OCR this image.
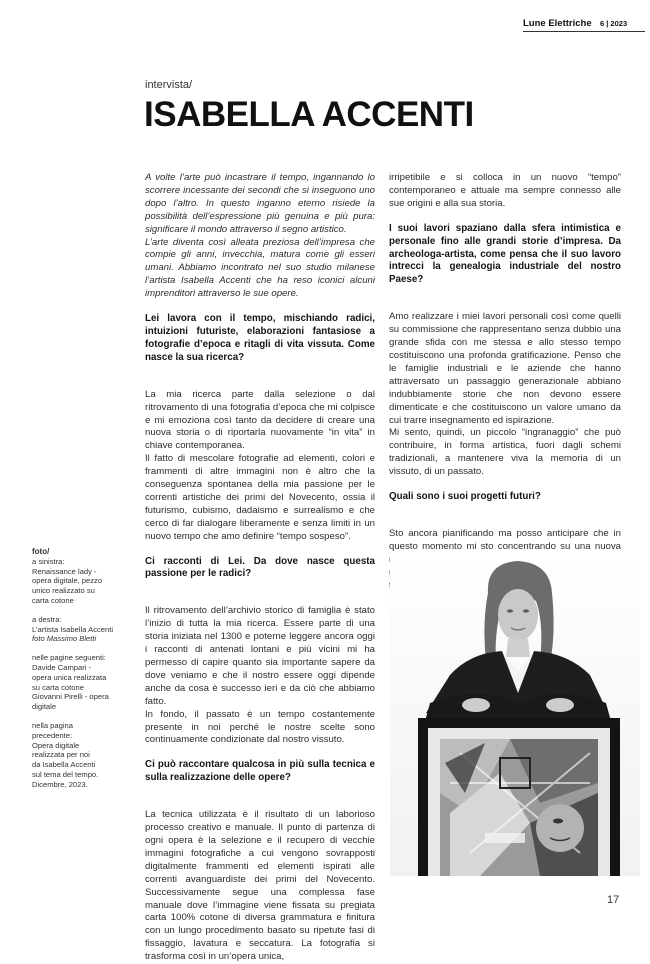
Lune Elettriche 6 | 2023
intervista/
ISABELLA ACCENTI

A volte l’arte può incastrare il tempo, ingannando lo scorrere incessante dei secondi che si inseguono uno dopo l’altro. In questo inganno eterno risiede la possibilità dell’espressione più genuina e più pura: significare il mondo attraverso il segno artistico.

L’arte diventa così alleata preziosa dell’impresa che compie gli anni, invecchia, matura come gli esseri umani. Abbiamo incontrato nel suo studio milanese l’artista Isabella Accenti che ha reso iconici alcuni imprenditori attraverso le sue opere.

Lei lavora con il tempo, mischiando radici, intuizioni futuriste, elaborazioni fantasiose a fotografie d’epoca e ritagli di vita vissuta. Come nasce la sua ricerca?

La mia ricerca parte dalla selezione o dal ritrovamento di una fotografia d’epoca che mi colpisce e mi emoziona così tanto da decidere di creare una nuova storia o di riportarla nuovamente “in vita” in chiave contemporanea.

Il fatto di mescolare fotografie ad elementi, colori e frammenti di altre immagini non è altro che la conseguenza spontanea della mia passione per le correnti artistiche dei primi del Novecento, ossia il futurismo, cubismo, dadaismo e surrealismo e che cerco di far dialogare liberamente e senza limiti in un nuovo tempo che amo definire “tempo sospeso”.

Ci racconti di Lei. Da dove nasce questa passione per le radici?

Il ritrovamento dell’archivio storico di famiglia è stato l’inizio di tutta la mia ricerca. Essere parte di una storia iniziata nel 1300 e poterne leggere ancora oggi i racconti di antenati lontani e più vicini mi ha permesso di capire quanto sia importante sapere da dove veniamo e che il nostro essere oggi dipende anche da cosa è successo ieri e da ciò che abbiamo fatto.

In fondo, il passato è un tempo costantemente presente in noi perché le nostre scelte sono continuamente condizionate dal nostro vissuto.

Ci può raccontare qualcosa in più sulla tecnica e sulla realizzazione delle opere?

La tecnica utilizzata è il risultato di un laborioso processo creativo e manuale. Il punto di partenza di ogni opera è la selezione e il recupero di vecchie immagini fotografiche a cui vengono sovrapposti digitalmente frammenti ed elementi ispirati alle correnti avanguardiste dei primi del Novecento. Successivamente segue una complessa fase manuale dove l’immagine viene fissata su pregiata carta 100% cotone di diversa grammatura e finitura con un lungo procedimento basato su ripetute fasi di fissaggio, lavatura e seccatura. La fotografia si trasforma così in un’opera unica,

irripetibile e si colloca in un nuovo “tempo” contemporaneo e attuale ma sempre connesso alle sue origini e alla sua storia.

I suoi lavori spaziano dalla sfera intimistica e personale fino alle grandi storie d’impresa. Da archeologa-artista, come pensa che il suo lavoro intrecci la genealogia industriale del nostro Paese?

Amo realizzare i miei lavori personali così come quelli su commissione che rappresentano senza dubbio una grande sfida con me stessa e allo stesso tempo costituiscono una profonda gratificazione. Penso che le famiglie industriali e le aziende che hanno attraversato un passaggio generazionale abbiano indubbiamente storie che non devono essere dimenticate e che costituiscono un valore umano da cui trarre insegnamento ed ispirazione.

Mi sento, quindi, un piccolo “ingranaggio” che può contribuire, in forma artistica, fuori dagli schemi tradizionali, a mantenere viva la memoria di un vissuto, di un passato.

Quali sono i suoi progetti futuri?

Sto ancora pianificando ma posso anticipare che in questo momento mi sto concentrando su una nuova

foto/
a sinistra:
Renaissance lady -
opera digitale, pezzo
unico realizzato su
carta cotone
a destra:
L’artista Isabella Accenti
foto Massimo Bletti
nelle pagine seguenti:
Davide Campari -
opera unica realizzata
su carta cotone
Giovanni Pirelli - opera
digitale
nella pagina
precedente:
Opera digitale
realizzata per noi
da Isabella Accenti
sul tema del tempo.
Dicembre, 2023.
17
